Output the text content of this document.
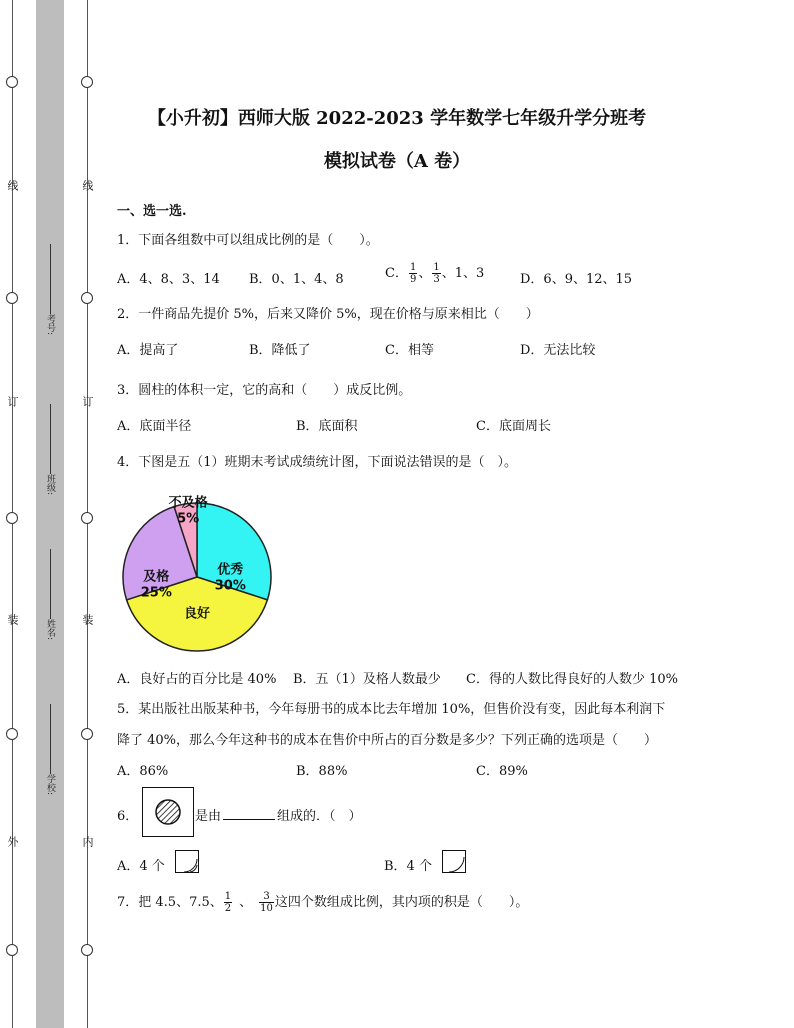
线
订
装
外
线
订
装
内
考号:
班级:
姓名:
学校:
【小升初】西师大版 2022-2023 学年数学七年级升学分班考
模拟试卷（A 卷）
一、选一选.
1．下面各组数中可以组成比例的是（　　）。
A．4、8、3、14 B．0、1、4、8	C． $\frac{1}{9}$ 、 $\frac{1}{3}$ 、1、3	D．6、9、12、15
2．一件商品先提价 5%，后来又降价 5%，现在价格与原来相比（　　）
A．提高了	B．降低了	C．相等	D．无法比较
3．圆柱的体积一定，它的高和（　　）成反比例。
A．底面半径	B．底面积	C．底面周长
4．下图是五（1）班期末考试成绩统计图，下面说法错误的是（　）。
优秀
30%
良好
及格
25%
不及格
5%
A．良好占的百分比是 40% B．五（1）及格人数最少 C．得的人数比得良好的人数少 10%
5．某出版社出版某种书，今年每册书的成本比去年增加 10%，但售价没有变，因此每本利润下
降了 40%，那么今年这种书的成本在售价中所占的百分数是多少？下列正确的选项是（　　）
A．86%	B．88%	C．89%
6．	是由	组成的．（　）
A．4 个	B．4 个
7．把 4.5、7.5、 $\frac{1}{2}$ 、 $\frac{3}{10}$ 这四个数组成比例，其内项的积是（　　）。
